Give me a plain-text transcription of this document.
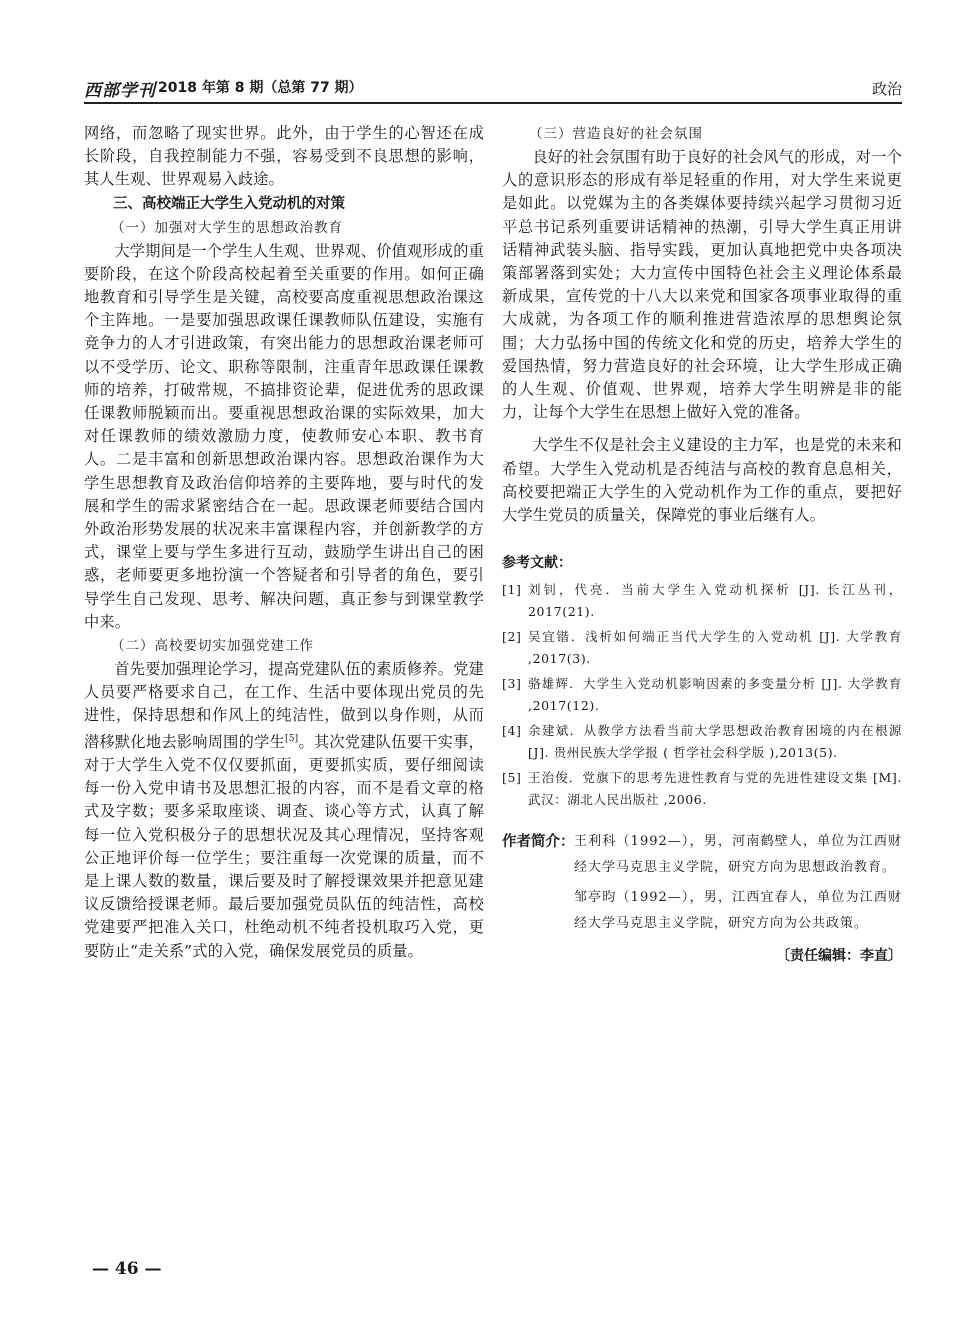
西部学刊 2018 年第 8 期（总第 77 期）	政治

网络，而忽略了现实世界。此外，由于学生的心智还在成长阶段，自我控制能力不强，容易受到不良思想的影响，其人生观、世界观易入歧途。

三、高校端正大学生入党动机的对策

（一）加强对大学生的思想政治教育

大学期间是一个学生人生观、世界观、价值观形成的重要阶段，在这个阶段高校起着至关重要的作用。如何正确地教育和引导学生是关键，高校要高度重视思想政治课这个主阵地。一是要加强思政课任课教师队伍建设，实施有竞争力的人才引进政策，有突出能力的思想政治课老师可以不受学历、论文、职称等限制，注重青年思政课任课教师的培养，打破常规，不搞排资论辈，促进优秀的思政课任课教师脱颖而出。要重视思想政治课的实际效果，加大对任课教师的绩效激励力度，使教师安心本职、教书育人。二是丰富和创新思想政治课内容。思想政治课作为大学生思想教育及政治信仰培养的主要阵地，要与时代的发展和学生的需求紧密结合在一起。思政课老师要结合国内外政治形势发展的状况来丰富课程内容，并创新教学的方式，课堂上要与学生多进行互动，鼓励学生讲出自己的困惑，老师要更多地扮演一个答疑者和引导者的角色，要引导学生自己发现、思考、解决问题，真正参与到课堂教学中来。

（二）高校要切实加强党建工作

首先要加强理论学习，提高党建队伍的素质修养。党建人员要严格要求自己，在工作、生活中要体现出党员的先进性，保持思想和作风上的纯洁性，做到以身作则，从而潜移默化地去影响周围的学生[5]。其次党建队伍要干实事，对于大学生入党不仅仅要抓面，更要抓实质，要仔细阅读每一份入党申请书及思想汇报的内容，而不是看文章的格式及字数；要多采取座谈、调查、谈心等方式，认真了解每一位入党积极分子的思想状况及其心理情况，坚持客观公正地评价每一位学生；要注重每一次党课的质量，而不是上课人数的数量，课后要及时了解授课效果并把意见建议反馈给授课老师。最后要加强党员队伍的纯洁性，高校党建要严把准入关口，杜绝动机不纯者投机取巧入党，更要防止“走关系”式的入党，确保发展党员的质量。

（三）营造良好的社会氛围

良好的社会氛围有助于良好的社会风气的形成，对一个人的意识形态的形成有举足轻重的作用，对大学生来说更是如此。以党媒为主的各类媒体要持续兴起学习贯彻习近平总书记系列重要讲话精神的热潮，引导大学生真正用讲话精神武装头脑、指导实践，更加认真地把党中央各项决策部署落到实处；大力宣传中国特色社会主义理论体系最新成果，宣传党的十八大以来党和国家各项事业取得的重大成就，为各项工作的顺利推进营造浓厚的思想舆论氛围；大力弘扬中国的传统文化和党的历史，培养大学生的爱国热情，努力营造良好的社会环境，让大学生形成正确的人生观、价值观、世界观，培养大学生明辨是非的能力，让每个大学生在思想上做好入党的准备。

大学生不仅是社会主义建设的主力军，也是党的未来和希望。大学生入党动机是否纯洁与高校的教育息息相关，高校要把端正大学生的入党动机作为工作的重点，要把好大学生党员的质量关，保障党的事业后继有人。

参考文献：

[1] 刘钊，代亮．当前大学生入党动机探析 [J]. 长江丛刊，2017(21).

[2] 吴宜锴．浅析如何端正当代大学生的入党动机 [J]. 大学教育 ,2017(3).

[3] 骆雄辉．大学生入党动机影响因素的多变量分析 [J]. 大学教育 ,2017(12).

[4] 余建斌．从教学方法看当前大学思想政治教育困境的内在根源 [J]. 贵州民族大学学报 ( 哲学社会科学版 ),2013(5).

[5] 王治俊．党旗下的思考先进性教育与党的先进性建设文集 [M]. 武汉：湖北人民出版社 ,2006.

作者简介： 王利科（1992—），男，河南鹤壁人，单位为江西财经大学马克思主义学院，研究方向为思想政治教育。

邹亭昀（1992—），男，江西宜春人，单位为江西财经大学马克思主义学院，研究方向为公共政策。

〔责任编辑：李直〕
— 46 —
